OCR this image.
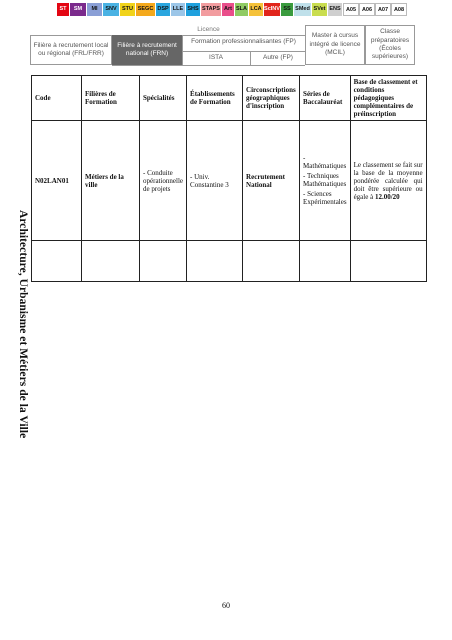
ST	SM	MI	SNV STU SEGC DSP LLE SHS STAPS Art SLA LCA ScINV SS SMed SVet ENS A05	A06	A07	A08
Licence
Filière à recrutement local ou régional (FRL/FRR)
Filière à recrutement national (FRN)
Formation professionnalisantes (FP)
ISTA	Autre (FP)
Master à cursus intégré de licence (MCIL)
Classe préparatoires (Écoles supérieures)
Architecture, Urbanisme et Métiers de la Ville
Code	Filières de Formation	Spécialités	Établissements de Formation	Circonscriptions géographiques d'inscription	Séries de Baccalauréat	Base de classement et conditions pédagogiques complémentaires de préinscription
N02LAN01	Métiers de la ville	- Conduite opérationnelle de projets	- Univ. Constantine 3	Recrutement National	- Mathématiques
- Techniques Mathématiques
- Sciences Expérimentales	Le classement se fait sur la base de la moyenne pondérée calculée qui doit être supérieure ou égale à 12.00/20

60
